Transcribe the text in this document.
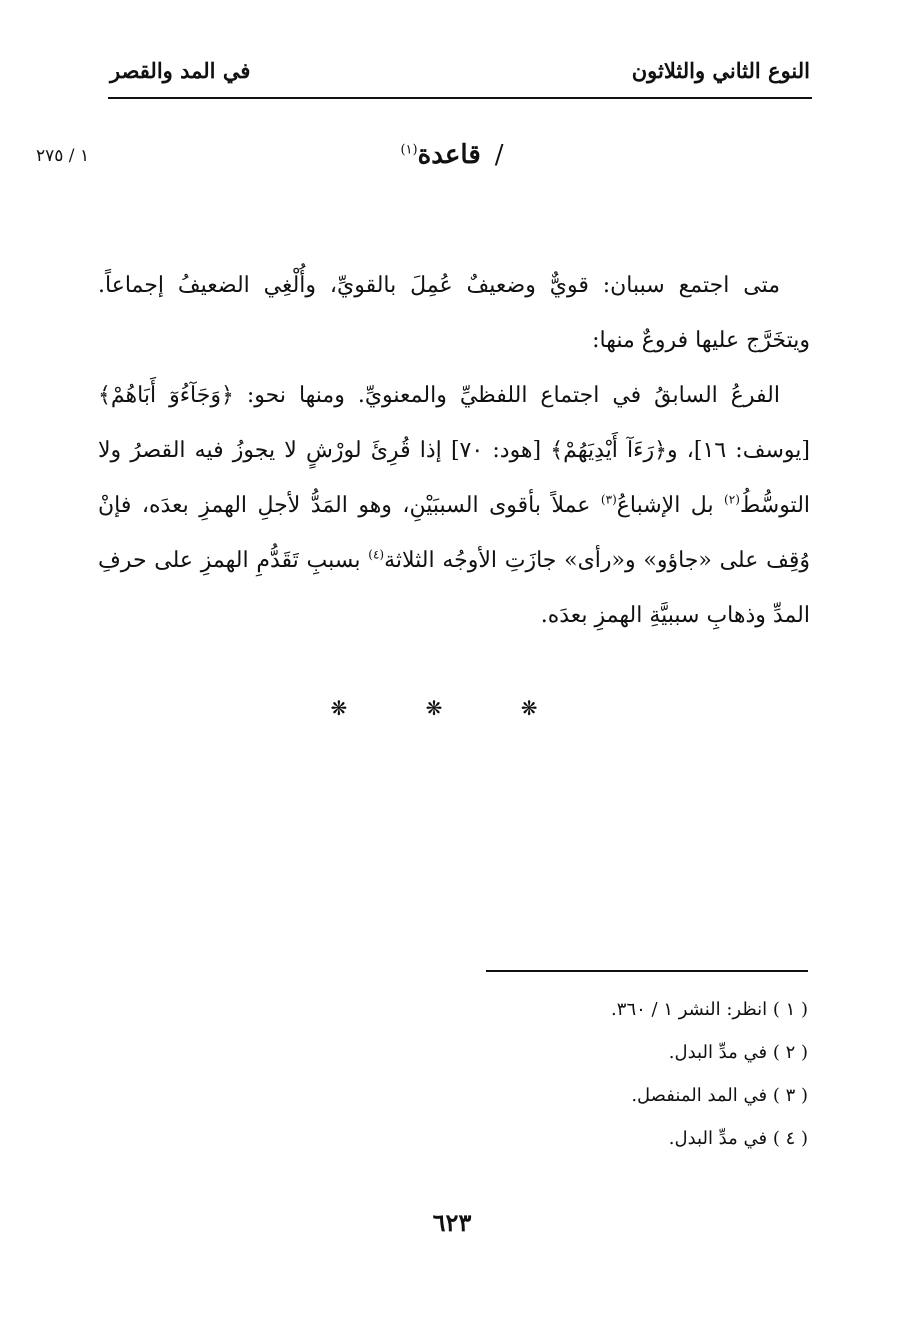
النوع الثاني والثلاثون
في المد والقصر
١ / ٢٧٥	/قاعدة$^{(١)}$

متى اجتمع سببان: قويٌّ وضعيفٌ عُمِلَ بالقويِّ، وأُلْغِي الضعيفُ إجماعاً. ويتخَرَّج عليها فروعٌ منها:

الفرعُ السابقُ في اجتماع اللفظيِّ والمعنويِّ. ومنها نحو: ﴿وَجَآءُوٓ أَبَاهُمْ﴾ [يوسف: ١٦]، و﴿رَءَآ أَيْدِيَهُمْ﴾ [هود: ٧٠] إذا قُرِئَ لورْشٍ لا يجوزُ فيه القصرُ ولا التوسُّطُ$^{(٢)}$ بل الإشباعُ$^{(٣)}$ عملاً بأقوى السببَيْنِ، وهو المَدُّ لأجلِ الهمزِ بعدَه، فإنْ وُقِف على «جاؤو» و«رأى» جازَتِ الأوجُه الثلاثة$^{(٤)}$ بسببِ تَقَدُّمِ الهمزِ على حرفِ المدِّ وذهابِ سببيَّةِ الهمزِ بعدَه.

❋ ❋ ❋
( ١ ) انظر: النشر ١ / ٣٦٠.
( ٢ ) في مدِّ البدل.
( ٣ ) في المد المنفصل.
( ٤ ) في مدِّ البدل.
٦٢٣
